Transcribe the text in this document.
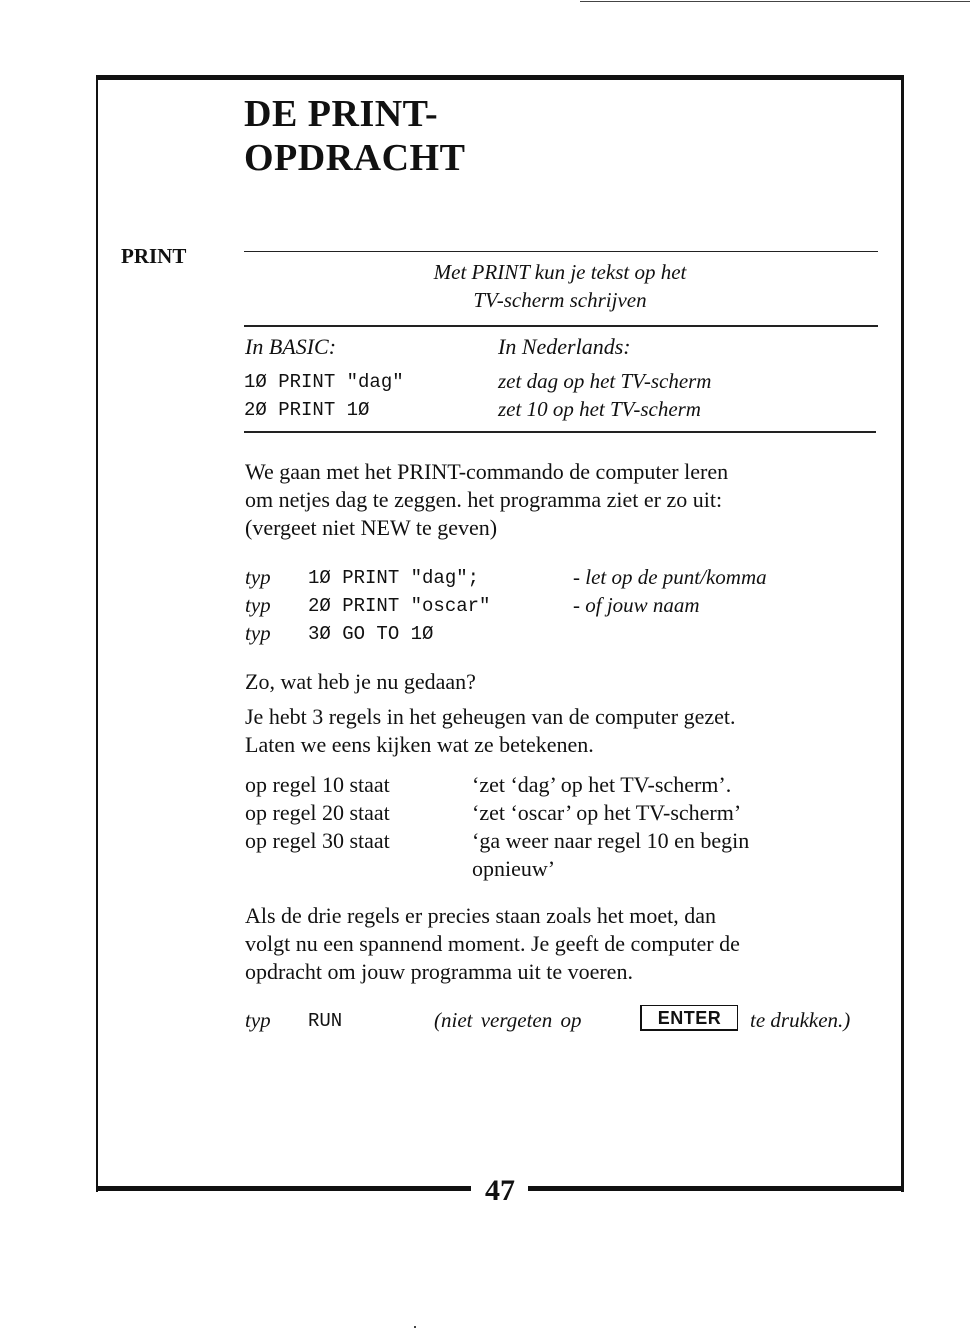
DE PRINT-
OPDRACHT
PRINT
Met PRINT kun je tekst op het
TV-scherm schrijven
In BASIC:	In Nederlands:
1Ø PRINT "dag"	zet dag op het TV-scherm
2Ø PRINT 1Ø	zet 10 op het TV-scherm
We gaan met het PRINT-commando de computer leren
om netjes dag te zeggen. het programma ziet er zo uit:
(vergeet niet NEW te geven)
typ 1Ø PRINT "dag";	- let op de punt/komma
typ 2Ø PRINT "oscar"	- of jouw naam
typ 3Ø GO TO 1Ø
Zo, wat heb je nu gedaan?
Je hebt 3 regels in het geheugen van de computer gezet.
Laten we eens kijken wat ze betekenen.
op regel 10 staat	‘zet ‘dag’ op het TV-scherm’.
op regel 20 staat	‘zet ‘oscar’ op het TV-scherm’
op regel 30 staat	‘ga weer naar regel 10 en begin
opnieuw’
Als de drie regels er precies staan zoals het moet, dan
volgt nu een spannend moment. Je geeft de computer de
opdracht om jouw programma uit te voeren.
typ RUN	(niet vergeten op	ENTER	te drukken.)
47
